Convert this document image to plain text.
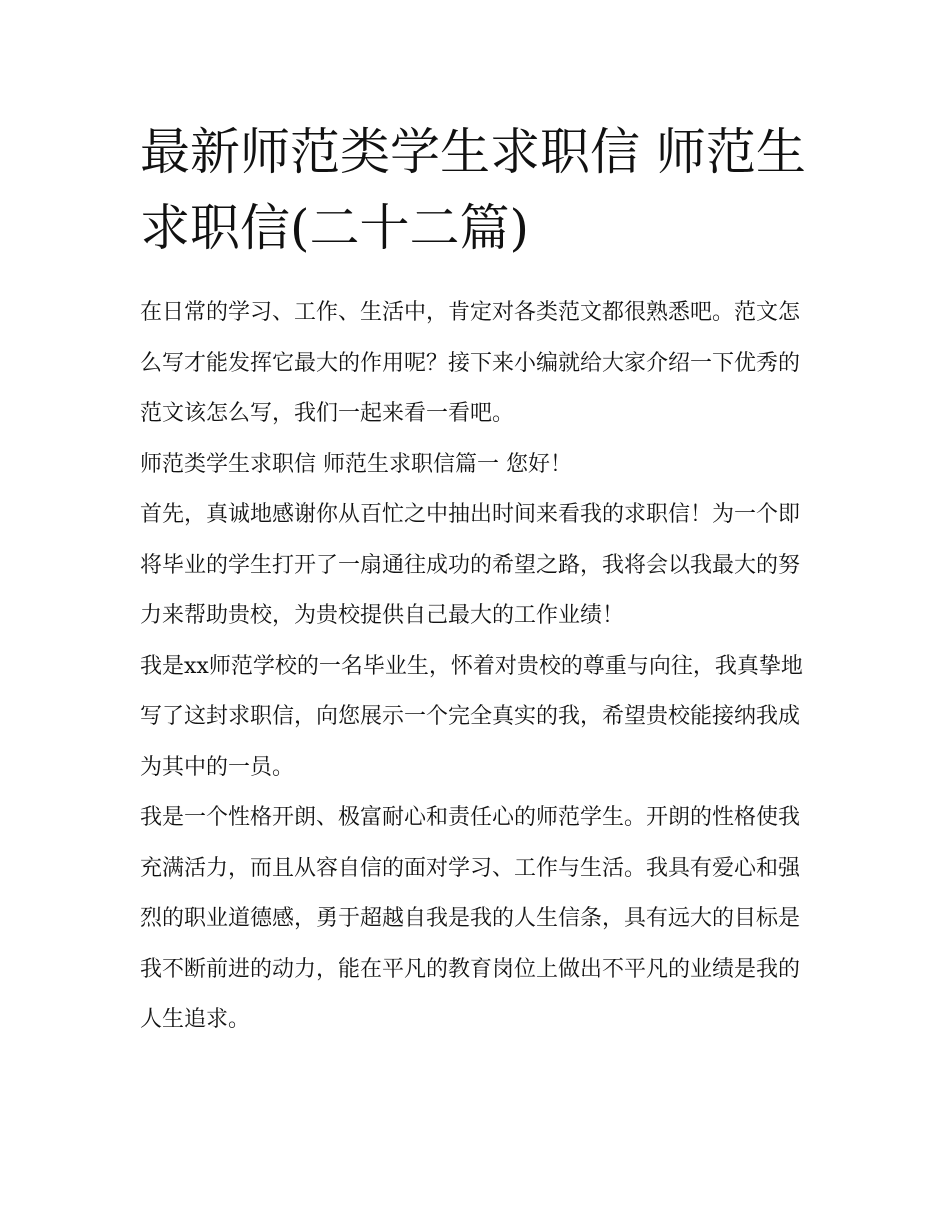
最新师范类学生求职信 师范生求职信(二十二篇)

在日常的学习、工作、生活中，肯定对各类范文都很熟悉吧。范文怎么写才能发挥它最大的作用呢？接下来小编就给大家介绍一下优秀的范文该怎么写，我们一起来看一看吧。

师范类学生求职信 师范生求职信篇一 您好！

首先，真诚地感谢你从百忙之中抽出时间来看我的求职信！为一个即将毕业的学生打开了一扇通往成功的希望之路，我将会以我最大的努力来帮助贵校，为贵校提供自己最大的工作业绩！

我是xx师范学校的一名毕业生，怀着对贵校的尊重与向往，我真挚地写了这封求职信，向您展示一个完全真实的我，希望贵校能接纳我成为其中的一员。

我是一个性格开朗、极富耐心和责任心的师范学生。开朗的性格使我充满活力，而且从容自信的面对学习、工作与生活。我具有爱心和强烈的职业道德感，勇于超越自我是我的人生信条，具有远大的目标是我不断前进的动力，能在平凡的教育岗位上做出不平凡的业绩是我的人生追求。
